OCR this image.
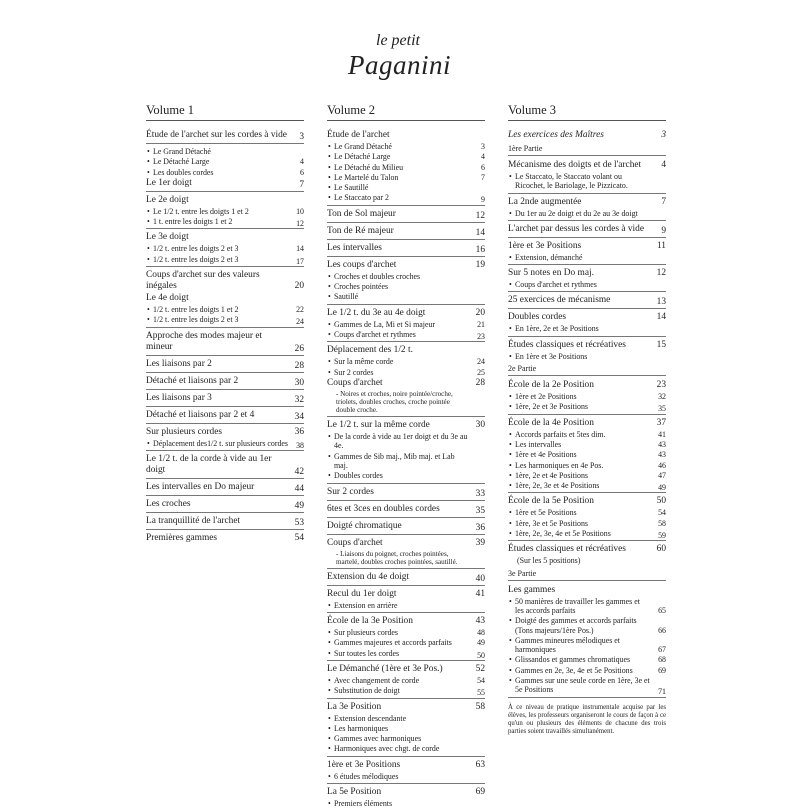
le petit
Paganini
Volume 1
Étude de l'archet sur les cordes à vide 3
• Le Grand Détaché
• Le Détaché Large	4
• Les doubles cordes	6
Le 1er doigt	7
Le 2e doigt
• Le 1/2 t. entre les doigts 1 et 2	10
• 1 t. entre les doigts 1 et 2	12
Le 3e doigt
• 1/2 t. entre les doigts 2 et 3	14
• 1/2 t. entre les doigts 2 et 3	17
Coups d'archet sur des valeurs inégales	20
Le 4e doigt
• 1/2 t. entre les doigts 1 et 2	22
• 1/2 t. entre les doigts 2 et 3	24
Approche des modes majeur et mineur	26
Les liaisons par 2	28
Détaché et liaisons par 2	30
Les liaisons par 3	32
Détaché et liaisons par 2 et 4	34
Sur plusieurs cordes	36
• Déplacement des1/2 t. sur plusieurs cordes 38
Le 1/2 t. de la corde à vide au 1er doigt	42
Les intervalles en Do majeur	44
Les croches	49
La tranquillité de l'archet	53
Premières gammes	54
Volume 2
Étude de l'archet
• Le Grand Détaché	3
• Le Détaché Large	4
• Le Détaché du Milieu	6
• Le Martelé du Talon	7
• Le Sautillé
• Le Staccato par 2	9
Ton de Sol majeur	12
Ton de Ré majeur	14
Les intervalles	16
Les coups d'archet	19
• Croches et doubles croches
• Croches pointées
• Sautillé
Le 1/2 t. du 3e au 4e doigt	20
• Gammes de La, Mi et Si majeur	21
• Coups d'archet et rythmes	23
Déplacement des 1/2 t.
• Sur la même corde	24
• Sur 2 cordes	25
Coups d'archet	28
- Noires et croches, noire pointée/croche, triolets, doubles croches, croche pointée double croche.
Le 1/2 t. sur la même corde	30
• De la corde à vide au 1er doigt et du 3e au 4e.
• Gammes de Sib maj., Mib maj. et Lab maj.
• Doubles cordes
Sur 2 cordes	33
6tes et 3ces en doubles cordes	35
Doigté chromatique	36
Coups d'archet	39
- Liaisons du poignet, croches pointées, martelé, doubles croches pointées, sautillé.
Extension du 4e doigt	40
Recul du 1er doigt	41
• Extension en arrière
École de la 3e Position	43
• Sur plusieurs cordes	48
• Gammes majeures et accords parfaits	49
• Sur toutes les cordes	50
Le Démanché (1ère et 3e Pos.)	52
• Avec changement de corde	54
• Substitution de doigt	55
La 3e Position	58
• Extension descendante
• Les harmoniques
• Gammes avec harmoniques
• Harmoniques avec chgt. de corde
1ère et 3e Positions	63
• 6 études mélodiques
La 5e Position	69
• Premiers éléments
Volume 3
Les exercices des Maîtres	3
1ère Partie
Mécanisme des doigts et de l'archet 4
• Le Staccato, le Staccato volant ou Ricochet, le Bariolage, le Pizzicato.
La 2nde augmentée	7
• Du 1er au 2e doigt et du 2e au 3e doigt
L'archet par dessus les cordes à vide 9
1ère et 3e Positions	11
• Extension, démanché
Sur 5 notes en Do maj.	12
• Coups d'archet et rythmes
25 exercices de mécanisme	13
Doubles cordes	14
• En 1ère, 2e et 3e Positions
Études classiques et récréatives	15
• En 1ère et 3e Positions
2e Partie
École de la 2e Position	23
• 1ère et 2e Positions	32
• 1ère, 2e et 3e Positions	35
École de la 4e Position	37
• Accords parfaits et 5tes dim.	41
• Les intervalles	43
• 1ère et 4e Positions	43
• Les harmoniques en 4e Pos.	46
• 1ère, 2e et 4e Positions	47
• 1ère, 2e, 3e et 4e Positions	49
École de la 5e Position	50
• 1ère et 5e Positions	54
• 1ère, 3e et 5e Positions	58
• 1ère, 2e, 3e, 4e et 5e Positions	59
Études classiques et récréatives	60
(Sur les 5 positions)
3e Partie
Les gammes
• 50 manières de travailler les gammes et les accords parfaits	65
• Doigté des gammes et accords parfaits (Tons majeurs/1ère Pos.)	66
• Gammes mineures mélodiques et harmoniques	67
• Glissandos et gammes chromatiques	68
• Gammes en 2e, 3e, 4e et 5e Positions	69
• Gammes sur une seule corde en 1ère, 3e et 5e Positions	71
À ce niveau de pratique instrumentale acquise par les élèves, les professeurs organiseront le cours de façon à ce qu'un ou plusieurs des éléments de chacune des trois parties soient travaillés simultanément.
